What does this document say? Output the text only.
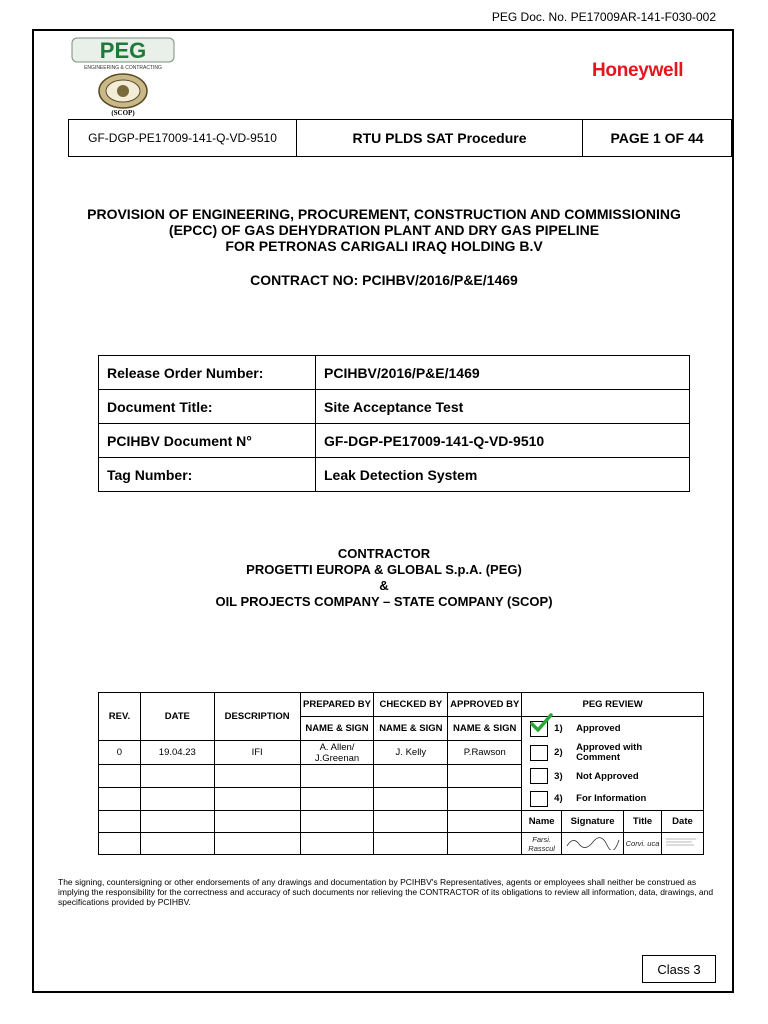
PEG Doc. No. PE17009AR-141-F030-002
PEG
ENGINEERING & CONTRACTING
(SCOP)
Honeywell
GF-DGP-PE17009-141-Q-VD-9510	RTU PLDS SAT Procedure	PAGE 1 OF 44
PROVISION OF ENGINEERING, PROCUREMENT, CONSTRUCTION AND COMMISSIONING
(EPCC) OF GAS DEHYDRATION PLANT AND DRY GAS PIPELINE
FOR PETRONAS CARIGALI IRAQ HOLDING B.V
CONTRACT NO: PCIHBV/2016/P&E/1469
Release Order Number:	PCIHBV/2016/P&E/1469
Document Title:	Site Acceptance Test
PCIHBV Document N°	GF-DGP-PE17009-141-Q-VD-9510
Tag Number:	Leak Detection System
CONTRACTOR
PROGETTI EUROPA & GLOBAL S.p.A. (PEG)
&
OIL PROJECTS COMPANY – STATE COMPANY (SCOP)
REV.	DATE	DESCRIPTION	PREPARED BY	CHECKED BY	APPROVED BY	PEG REVIEW			
			NAME & SIGN	NAME & SIGN	NAME & SIGN	1) Approved			

0	19.04.23	IFI	A. Allen/ J.Greenan	J. Kelly	P.Rawson	2) Approved with Comment			

						3) Not Approved			

						4) For Information			

						Name	Signature	Title	Date
						Farsi. Rasscul		Corvi. uca	
The signing, countersigning or other endorsements of any drawings and documentation by PCIHBV's Representatives, agents or employees shall neither be construed as implying the responsibility for the correctness and accuracy of such documents nor relieving the CONTRACTOR of its obligations to review all information, data, drawings, and specifications provided by PCIHBV.
Class 3
